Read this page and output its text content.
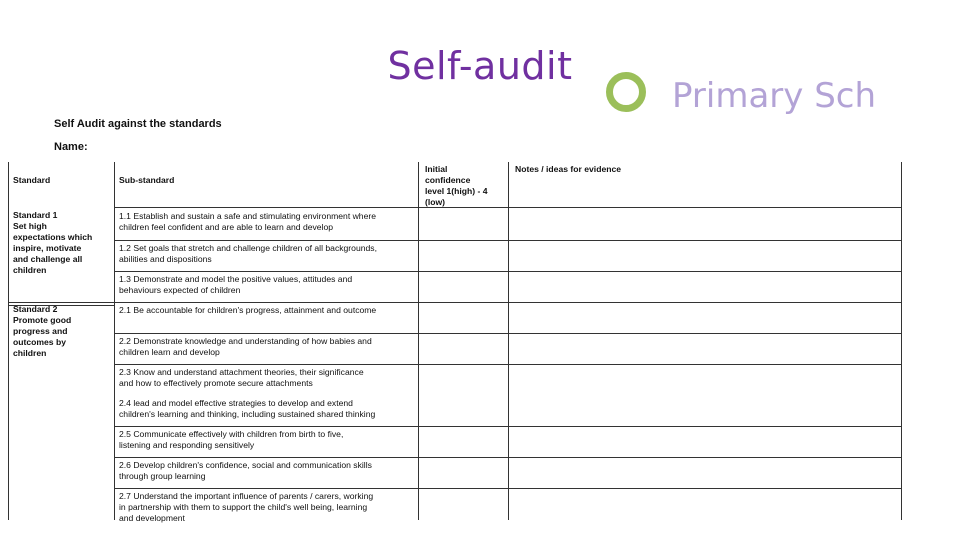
Self-audit
Primary Sch
Self Audit against the standards
Name:
Standard	Sub-standard
Initial
confidence
level 1(high) - 4
(low)
Notes / ideas for evidence
Standard 1
Set high
expectations which
inspire, motivate
and challenge all
children
1.1 Establish and sustain a safe and stimulating environment where
children feel confident and are able to learn and develop
1.2 Set goals that stretch and challenge children of all backgrounds,
abilities and dispositions
1.3 Demonstrate and model the positive values, attitudes and
behaviours expected of children
Standard 2
Promote good
progress and
outcomes by
children
2.1 Be accountable for children's progress, attainment and outcome
2.2 Demonstrate knowledge and understanding of how babies and
children learn and develop
2.3 Know and understand attachment theories, their significance
and how to effectively promote secure attachments
2.4 lead and model effective strategies to develop and extend
children's learning and thinking, including sustained shared thinking
2.5 Communicate effectively with children from birth to five,
listening and responding sensitively
2.6 Develop children's confidence, social and communication skills
through group learning
2.7 Understand the important influence of parents / carers, working
in partnership with them to support the child's well being, learning
and development
